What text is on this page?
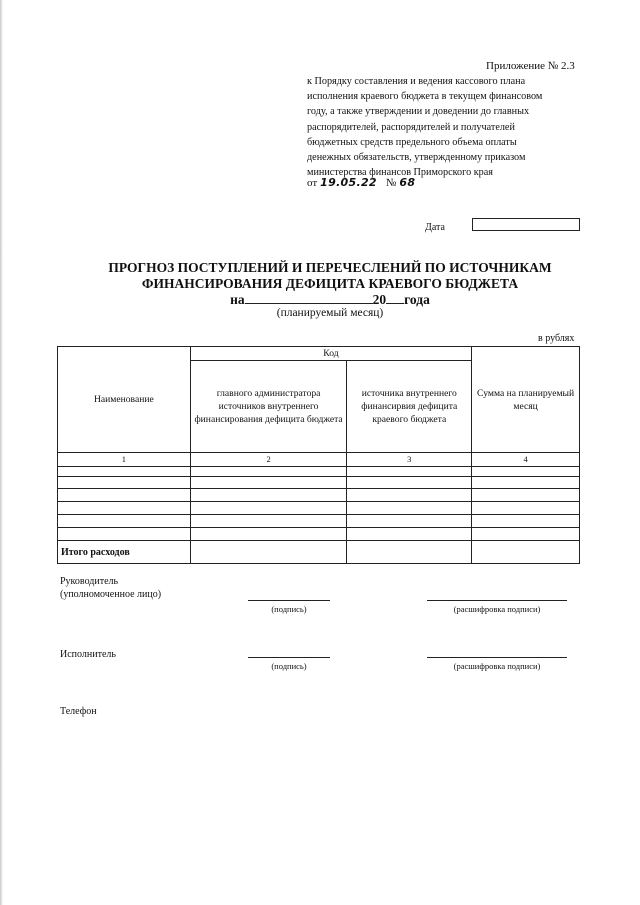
Приложение № 2.3
к Порядку составления и ведения кассового плана
исполнения краевого бюджета в текущем финансовом
году, а также утверждении и доведении до главных
распорядителей, распорядителей и получателей
бюджетных средств предельного объема оплаты
денежных обязательств, утвержденному приказом
министерства финансов Приморского края
от 19.05.22 № 68
Дата
ПРОГНОЗ ПОСТУПЛЕНИЙ И ПЕРЕЧЕСЛЕНИЙ ПО ИСТОЧНИКАМ
ФИНАНСИРОВАНИЯ ДЕФИЦИТА КРАЕВОГО БЮДЖЕТА
на	20 года
(планируемый месяц)
в рублях
Наименование	Код		Сумма на планируемый месяц
	главного администратора источников внутреннего финансирования дефицита бюджета	источника внутреннего финансирвия дефицита краевого бюджета	
1	2	3	4

Итого расходов			
Руководитель
(уполномоченное лицо)
(подпись)	(расшифровка подписи)
Исполнитель
(подпись)	(расшифровка подписи)
Телефон
